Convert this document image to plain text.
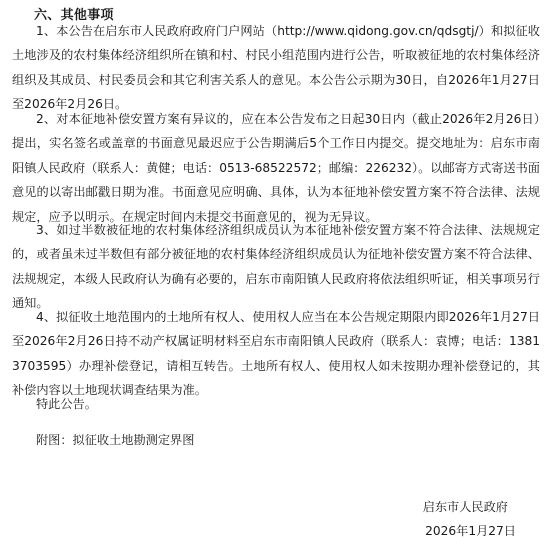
六、其他事项
1、本公告在启东市人民政府政府门户网站（http://www.qidong.gov.cn/qdsgtj/）和拟征收土地涉及的农村集体经济组织所在镇和村、村民小组范围内进行公告，听取被征地的农村集体经济组织及其成员、村民委员会和其它利害关系人的意见。本公告公示期为30日，自2026年1月27日至2026年2月26日。
2、对本征地补偿安置方案有异议的，应在本公告发布之日起30日内（截止2026年2月26日）提出，实名签名或盖章的书面意见最迟应于公告期满后5个工作日内提交。提交地址为：启东市南阳镇人民政府（联系人：黄健；电话：0513-68522572；邮编：226232）。以邮寄方式寄送书面意见的以寄出邮戳日期为准。书面意见应明确、具体，认为本征地补偿安置方案不符合法律、法规规定，应予以明示。在规定时间内未提交书面意见的，视为无异议。
3、如过半数被征地的农村集体经济组织成员认为本征地补偿安置方案不符合法律、法规规定的，或者虽未过半数但有部分被征地的农村集体经济组织成员认为征地补偿安置方案不符合法律、法规规定，本级人民政府认为确有必要的，启东市南阳镇人民政府将依法组织听证，相关事项另行通知。
4、拟征收土地范围内的土地所有权人、使用权人应当在本公告规定期限内即2026年1月27日至2026年2月26日持不动产权属证明材料至启东市南阳镇人民政府（联系人：袁博；电话：13813703595）办理补偿登记，请相互转告。土地所有权人、使用权人如未按期办理补偿登记的，其补偿内容以土地现状调查结果为准。
特此公告。
附图：拟征收土地勘测定界图
启东市人民政府
2026年1月27日
